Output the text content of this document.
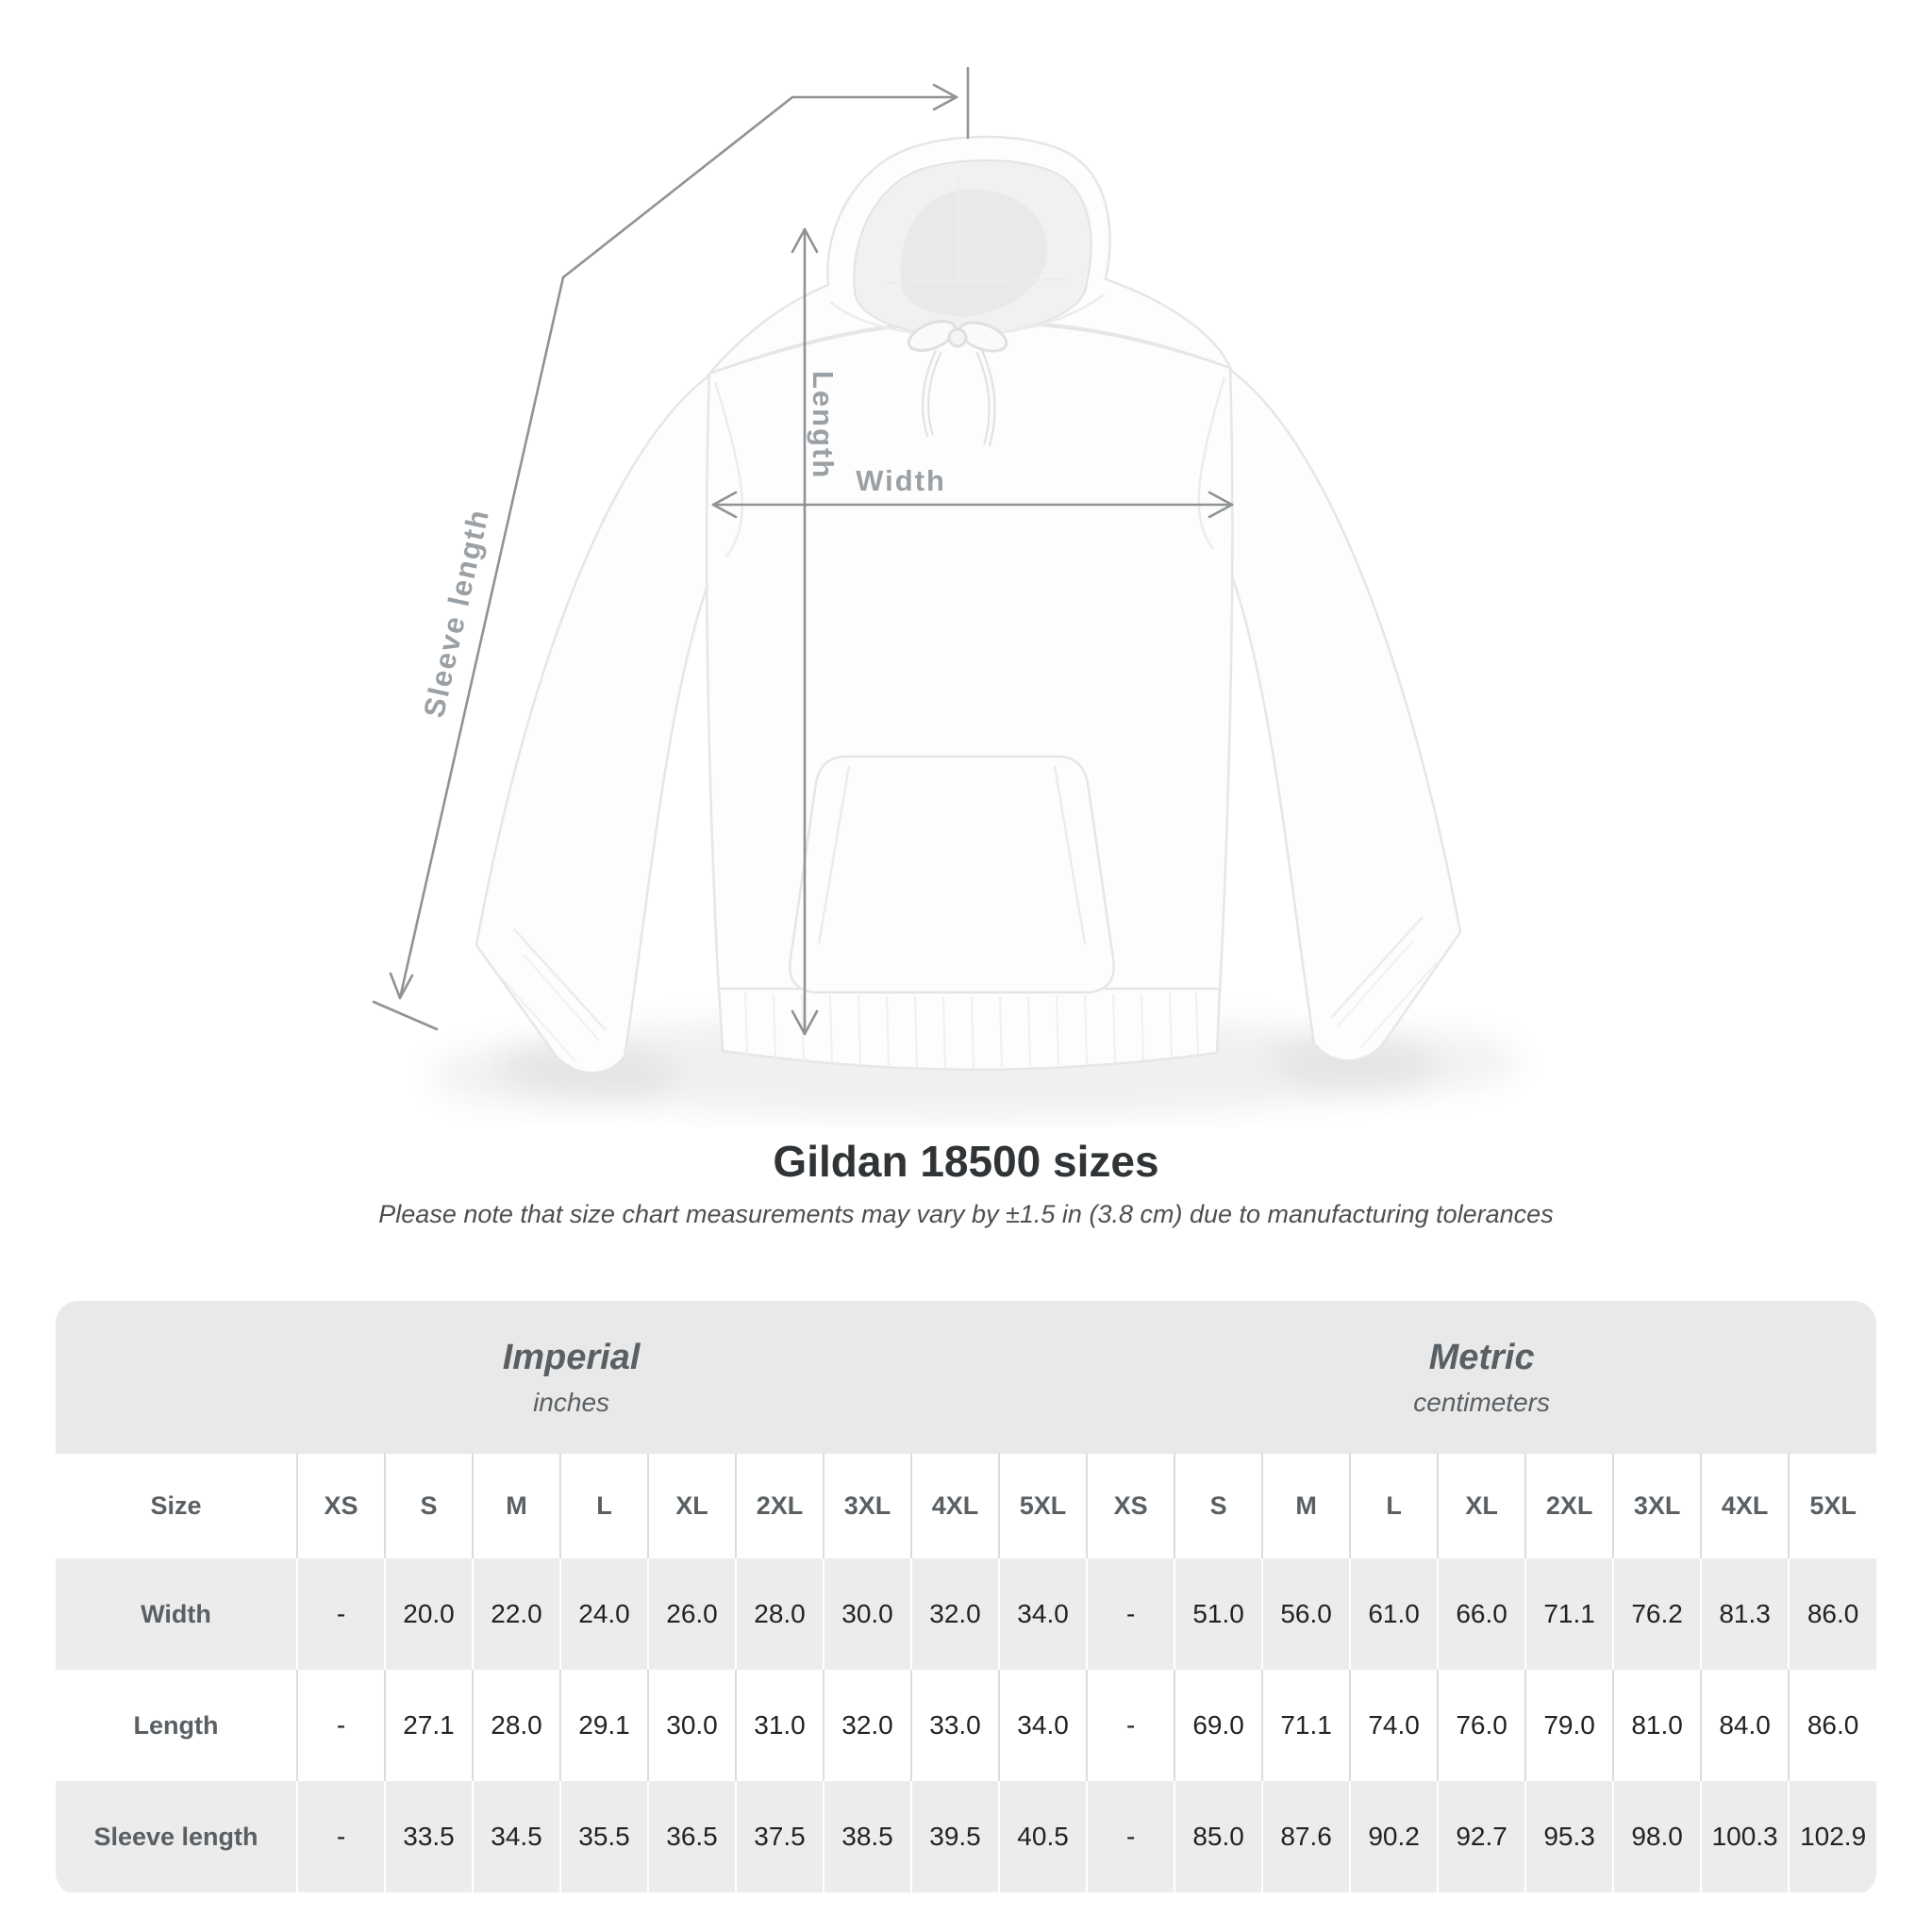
Length
Width
Sleeve length
Gildan 18500 sizes
Please note that size chart measurements may vary by ±1.5 in (3.8 cm) due to manufacturing tolerances
Imperial
inches

Metric
centimeters

Size	XS	S	M	L	XL	2XL	3XL	4XL	5XL	XS	S	M	L	XL	2XL	3XL	4XL	5XL
Width	-	20.0	22.0	24.0	26.0	28.0	30.0	32.0	34.0	-	51.0	56.0	61.0	66.0	71.1	76.2	81.3	86.0
Length	-	27.1	28.0	29.1	30.0	31.0	32.0	33.0	34.0	-	69.0	71.1	74.0	76.0	79.0	81.0	84.0	86.0
Sleeve length	-	33.5	34.5	35.5	36.5	37.5	38.5	39.5	40.5	-	85.0	87.6	90.2	92.7	95.3	98.0	100.3	102.9
